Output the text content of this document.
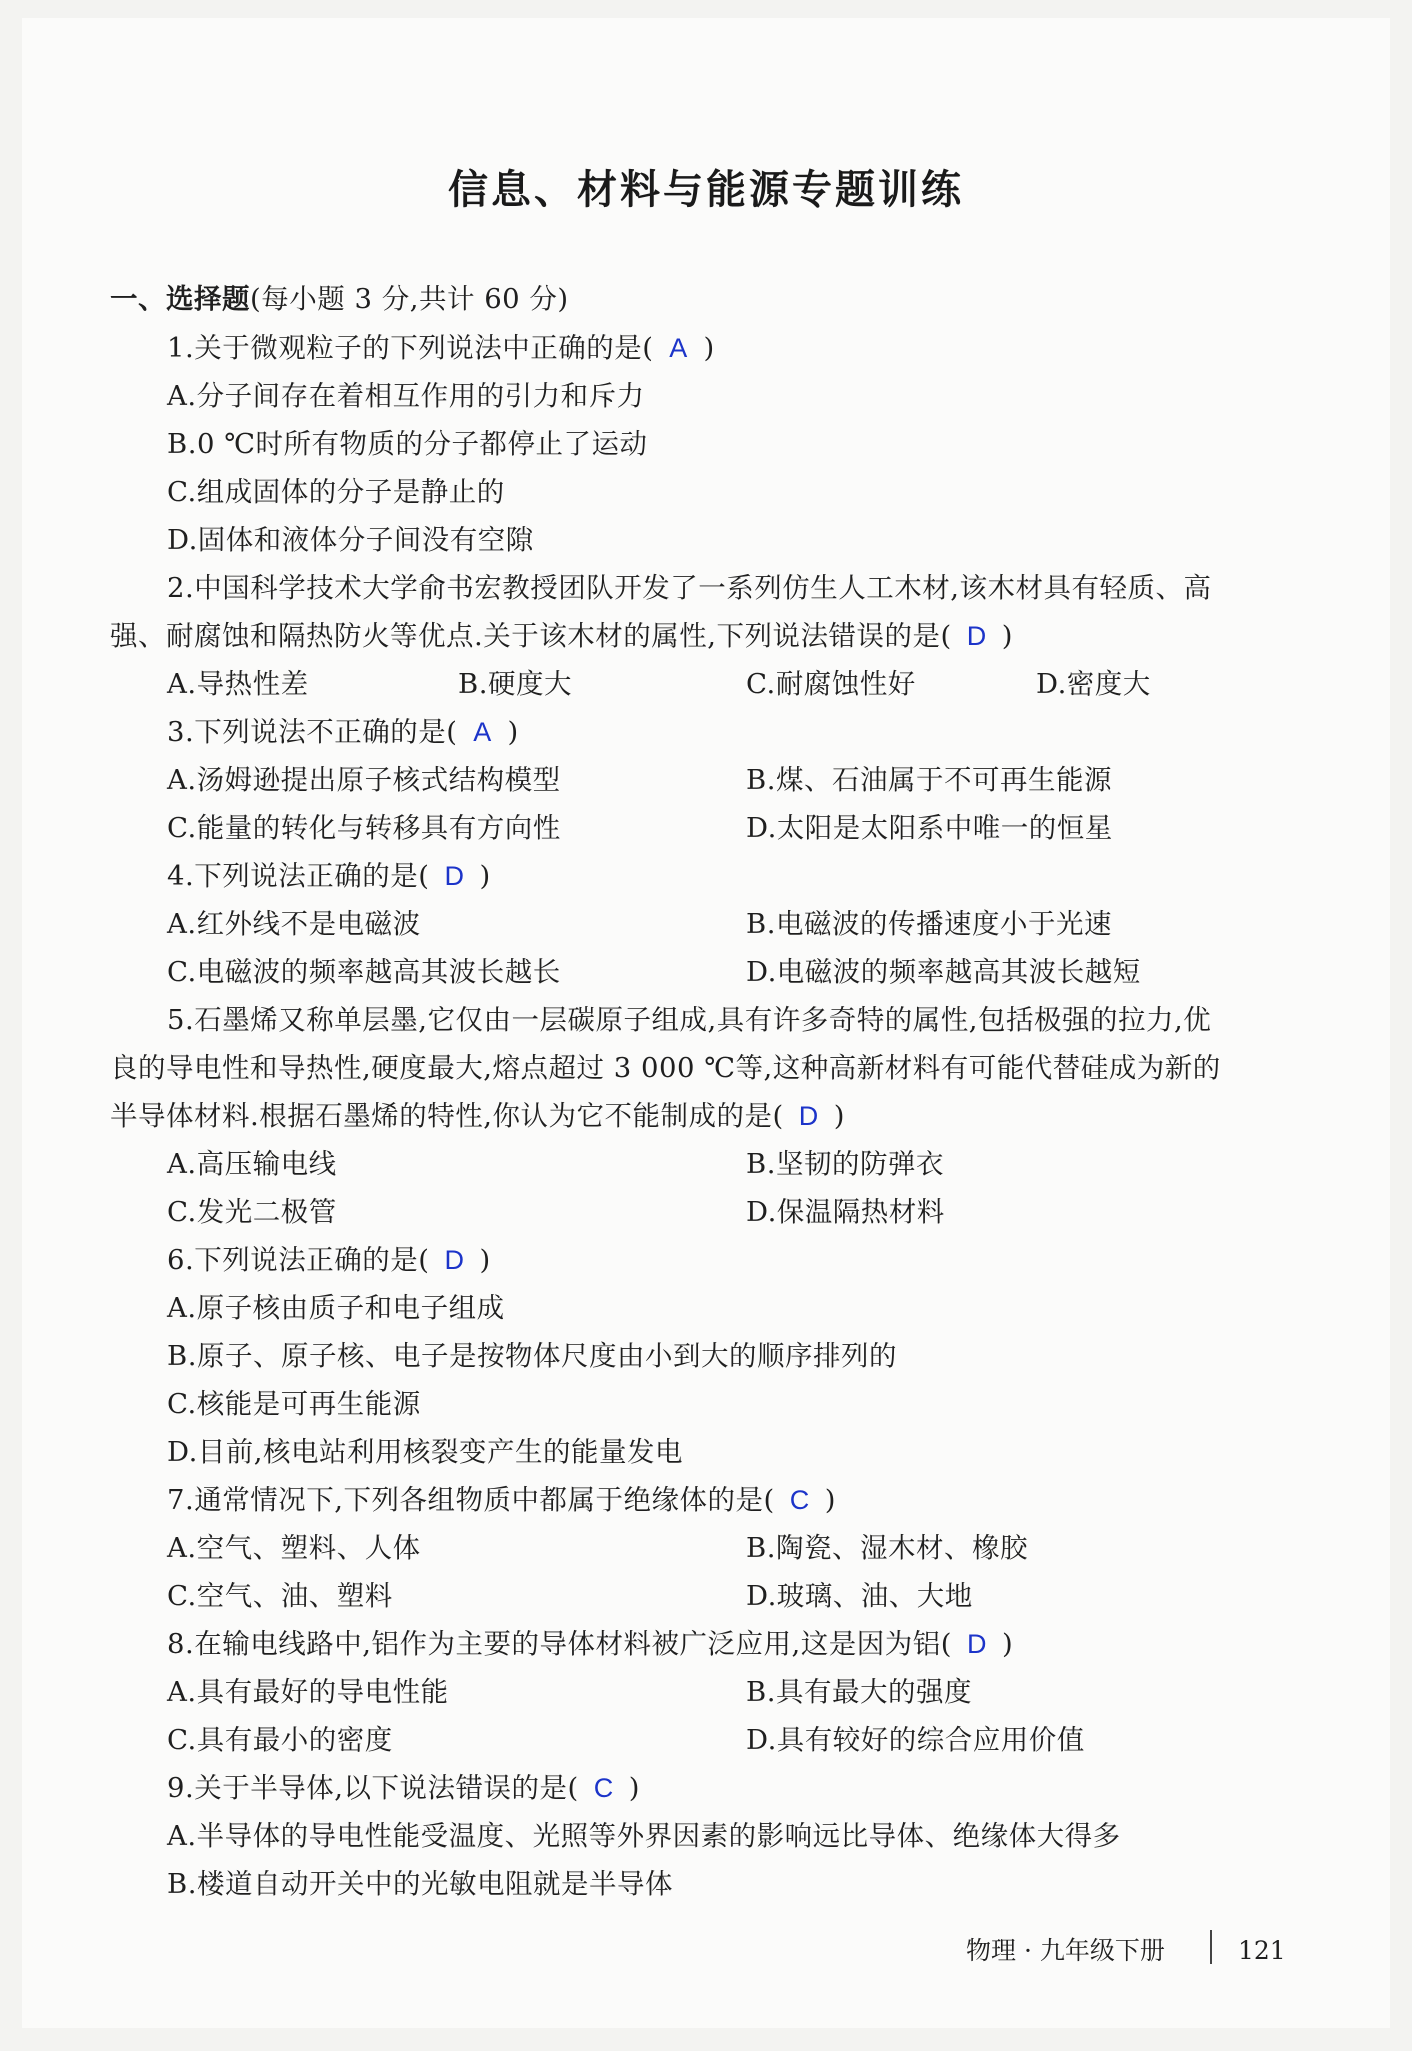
信息、材料与能源专题训练
一、选择题(每小题 3 分,共计 60 分)
1.关于微观粒子的下列说法中正确的是( A )
A.分子间存在着相互作用的引力和斥力
B.0 ℃时所有物质的分子都停止了运动
C.组成固体的分子是静止的
D.固体和液体分子间没有空隙
2.中国科学技术大学俞书宏教授团队开发了一系列仿生人工木材,该木材具有轻质、高
强、耐腐蚀和隔热防火等优点.关于该木材的属性,下列说法错误的是( D )
A.导热性差	B.硬度大	C.耐腐蚀性好	D.密度大
3.下列说法不正确的是( A )
A.汤姆逊提出原子核式结构模型	B.煤、石油属于不可再生能源
C.能量的转化与转移具有方向性	D.太阳是太阳系中唯一的恒星
4.下列说法正确的是( D )
A.红外线不是电磁波	B.电磁波的传播速度小于光速
C.电磁波的频率越高其波长越长	D.电磁波的频率越高其波长越短
5.石墨烯又称单层墨,它仅由一层碳原子组成,具有许多奇特的属性,包括极强的拉力,优
良的导电性和导热性,硬度最大,熔点超过 3 000 ℃等,这种高新材料有可能代替硅成为新的
半导体材料.根据石墨烯的特性,你认为它不能制成的是( D )
A.高压输电线	B.坚韧的防弹衣
C.发光二极管	D.保温隔热材料
6.下列说法正确的是( D )
A.原子核由质子和电子组成
B.原子、原子核、电子是按物体尺度由小到大的顺序排列的
C.核能是可再生能源
D.目前,核电站利用核裂变产生的能量发电
7.通常情况下,下列各组物质中都属于绝缘体的是( C )
A.空气、塑料、人体	B.陶瓷、湿木材、橡胶
C.空气、油、塑料	D.玻璃、油、大地
8.在输电线路中,铝作为主要的导体材料被广泛应用,这是因为铝( D )
A.具有最好的导电性能	B.具有最大的强度
C.具有最小的密度	D.具有较好的综合应用价值
9.关于半导体,以下说法错误的是( C )
A.半导体的导电性能受温度、光照等外界因素的影响远比导体、绝缘体大得多
B.楼道自动开关中的光敏电阻就是半导体
物理 · 九年级下册	121
